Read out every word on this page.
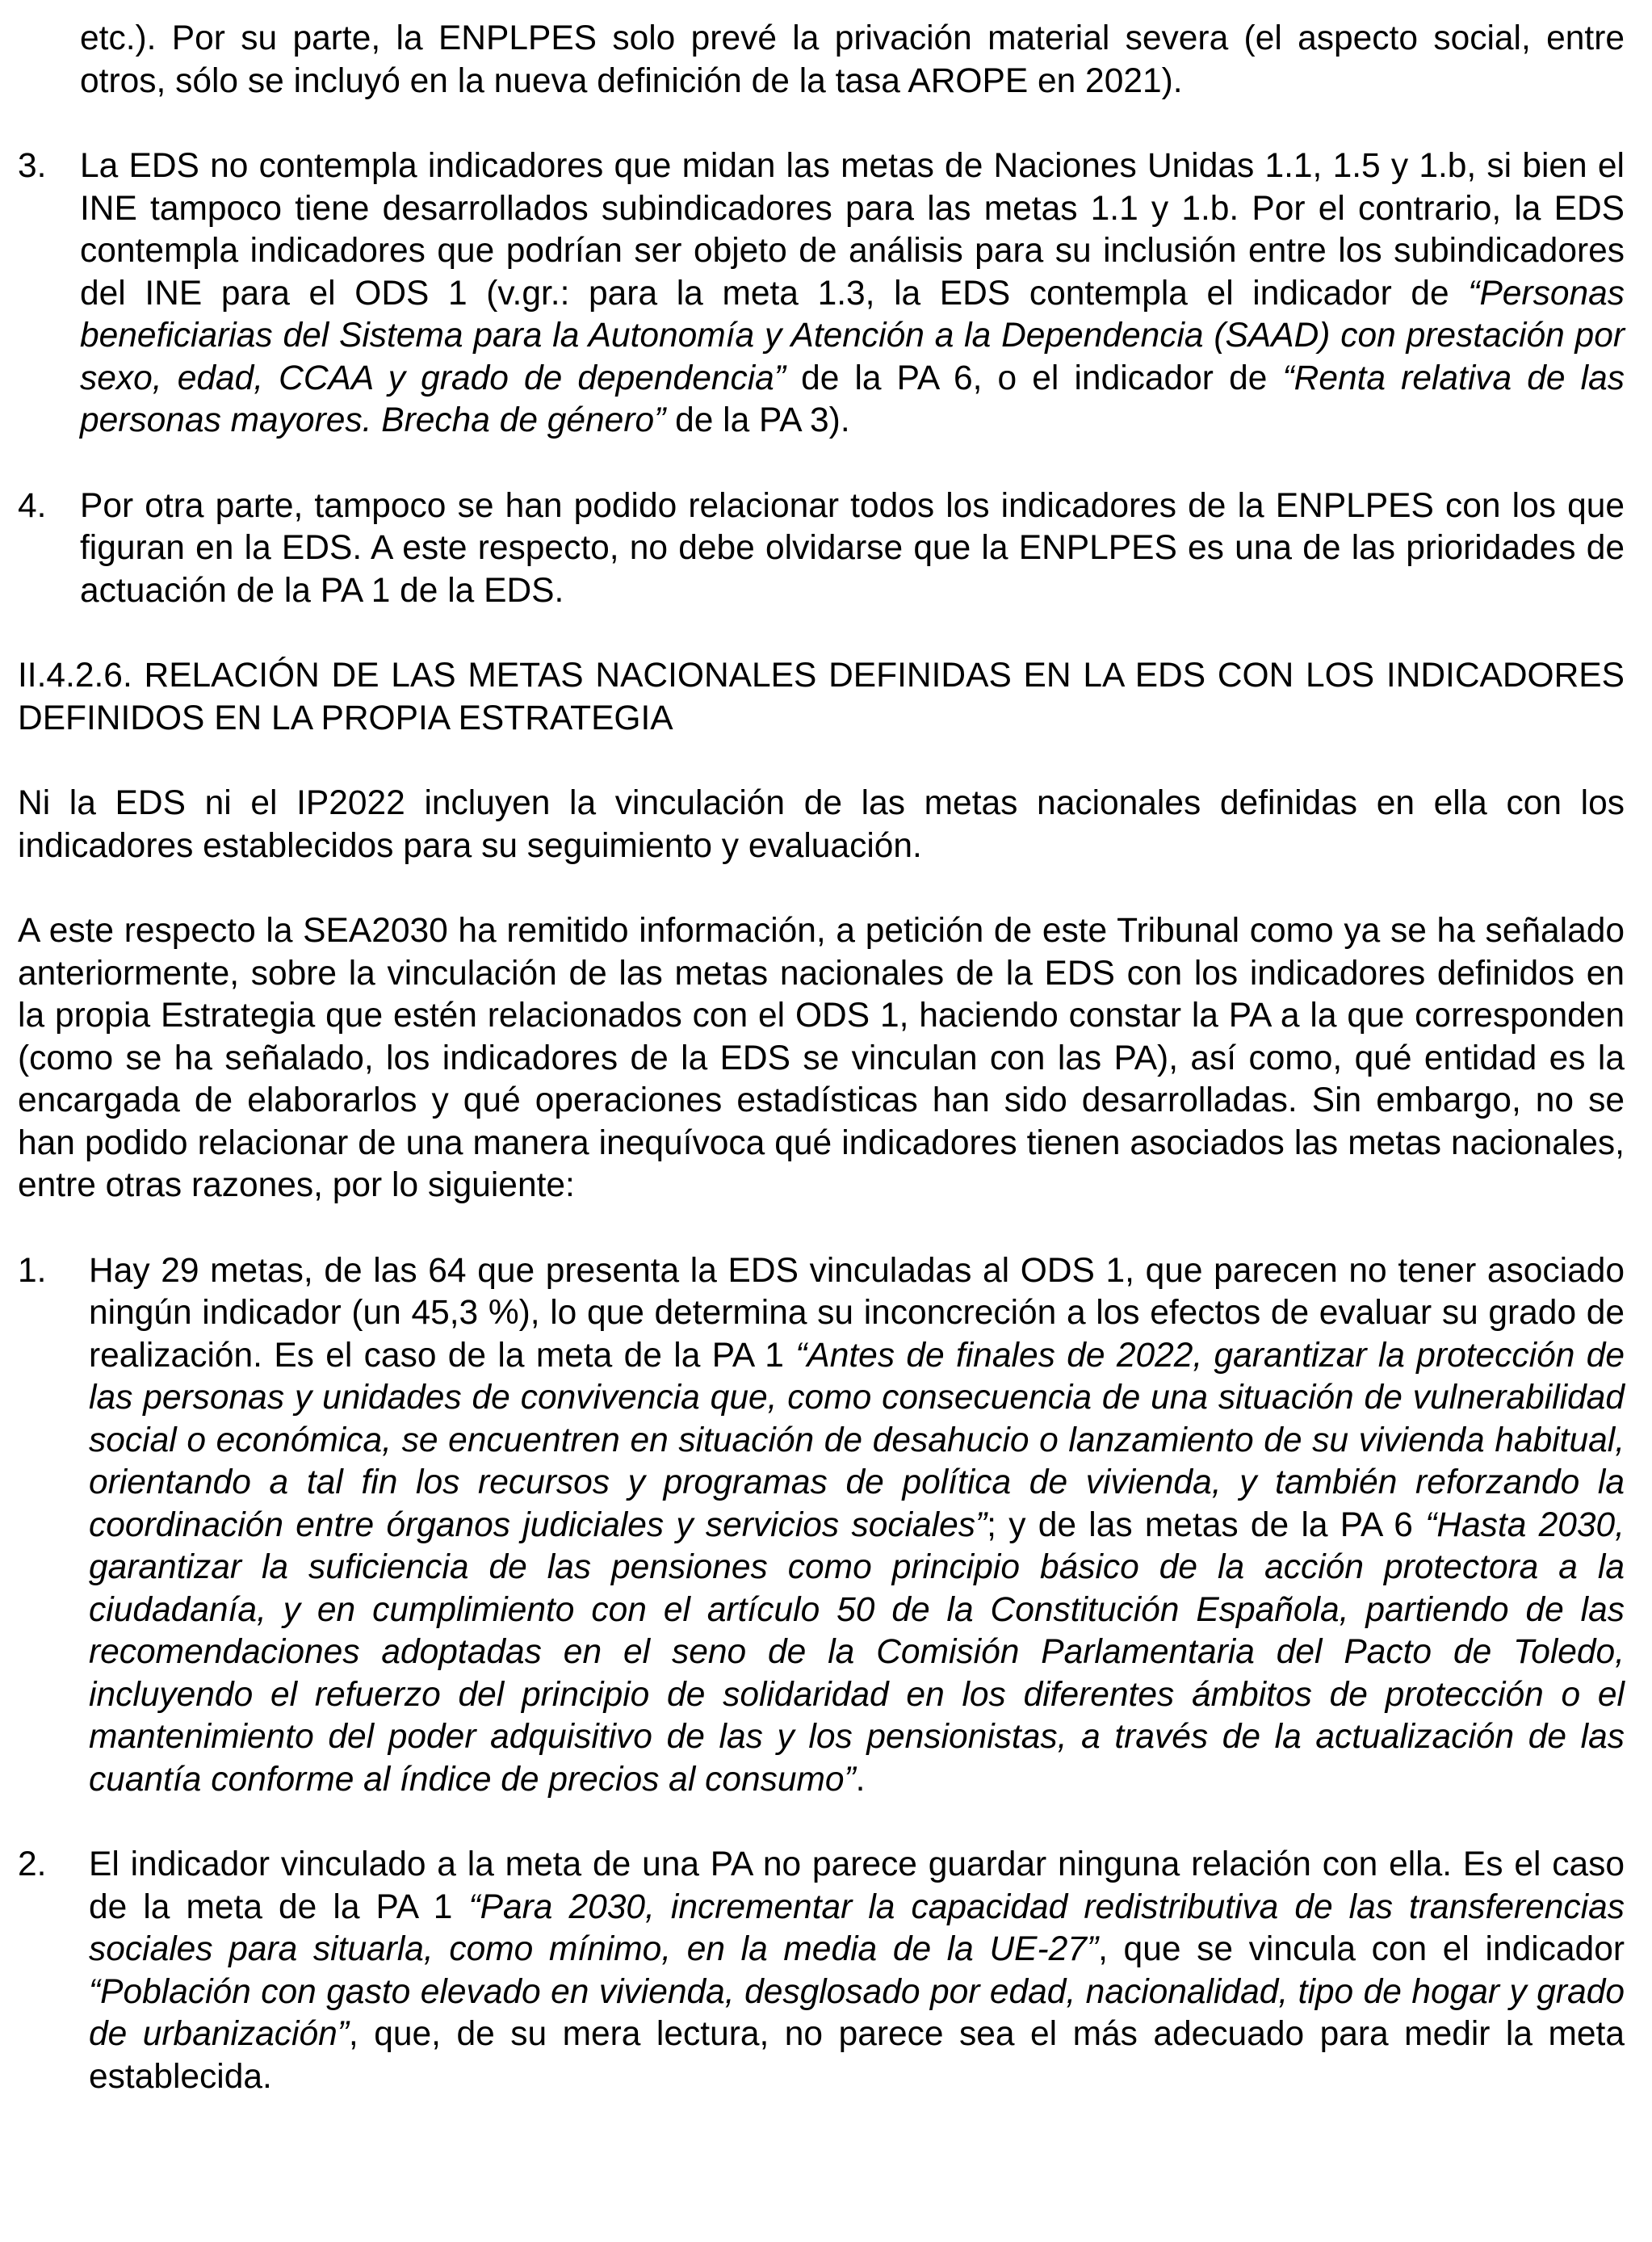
etc.). Por su parte, la ENPLPES solo prevé la privación material severa (el aspecto social, entre otros, sólo se incluyó en la nueva definición de la tasa AROPE en 2021).

3. La EDS no contempla indicadores que midan las metas de Naciones Unidas 1.1, 1.5 y 1.b, si bien el INE tampoco tiene desarrollados subindicadores para las metas 1.1 y 1.b. Por el contrario, la EDS contempla indicadores que podrían ser objeto de análisis para su inclusión entre los subindicadores del INE para el ODS 1 (v.gr.: para la meta 1.3, la EDS contempla el indicador de “Personas beneficiarias del Sistema para la Autonomía y Atención a la Dependencia (SAAD) con prestación por sexo, edad, CCAA y grado de dependencia” de la PA 6, o el indicador de “Renta relativa de las personas mayores. Brecha de género” de la PA 3).

4. Por otra parte, tampoco se han podido relacionar todos los indicadores de la ENPLPES con los que figuran en la EDS. A este respecto, no debe olvidarse que la ENPLPES es una de las prioridades de actuación de la PA 1 de la EDS.

II.4.2.6. RELACIÓN DE LAS METAS NACIONALES DEFINIDAS EN LA EDS CON LOS INDICADORES DEFINIDOS EN LA PROPIA ESTRATEGIA

Ni la EDS ni el IP2022 incluyen la vinculación de las metas nacionales definidas en ella con los indicadores establecidos para su seguimiento y evaluación.

A este respecto la SEA2030 ha remitido información, a petición de este Tribunal como ya se ha señalado anteriormente, sobre la vinculación de las metas nacionales de la EDS con los indicadores definidos en la propia Estrategia que estén relacionados con el ODS 1, haciendo constar la PA a la que corresponden (como se ha señalado, los indicadores de la EDS se vinculan con las PA), así como, qué entidad es la encargada de elaborarlos y qué operaciones estadísticas han sido desarrolladas. Sin embargo, no se han podido relacionar de una manera inequívoca qué indicadores tienen asociados las metas nacionales, entre otras razones, por lo siguiente:

1. Hay 29 metas, de las 64 que presenta la EDS vinculadas al ODS 1, que parecen no tener asociado ningún indicador (un 45,3 %), lo que determina su inconcreción a los efectos de evaluar su grado de realización. Es el caso de la meta de la PA 1 “Antes de finales de 2022, garantizar la protección de las personas y unidades de convivencia que, como consecuencia de una situación de vulnerabilidad social o económica, se encuentren en situación de desahucio o lanzamiento de su vivienda habitual, orientando a tal fin los recursos y programas de política de vivienda, y también reforzando la coordinación entre órganos judiciales y servicios sociales”; y de las metas de la PA 6 “Hasta 2030, garantizar la suficiencia de las pensiones como principio básico de la acción protectora a la ciudadanía, y en cumplimiento con el artículo 50 de la Constitución Española, partiendo de las recomendaciones adoptadas en el seno de la Comisión Parlamentaria del Pacto de Toledo, incluyendo el refuerzo del principio de solidaridad en los diferentes ámbitos de protección o el mantenimiento del poder adquisitivo de las y los pensionistas, a través de la actualización de las cuantía conforme al índice de precios al consumo”.

2. El indicador vinculado a la meta de una PA no parece guardar ninguna relación con ella. Es el caso de la meta de la PA 1 “Para 2030, incrementar la capacidad redistributiva de las transferencias sociales para situarla, como mínimo, en la media de la UE-27”, que se vincula con el indicador “Población con gasto elevado en vivienda, desglosado por edad, nacionalidad, tipo de hogar y grado de urbanización”, que, de su mera lectura, no parece sea el más adecuado para medir la meta establecida.
